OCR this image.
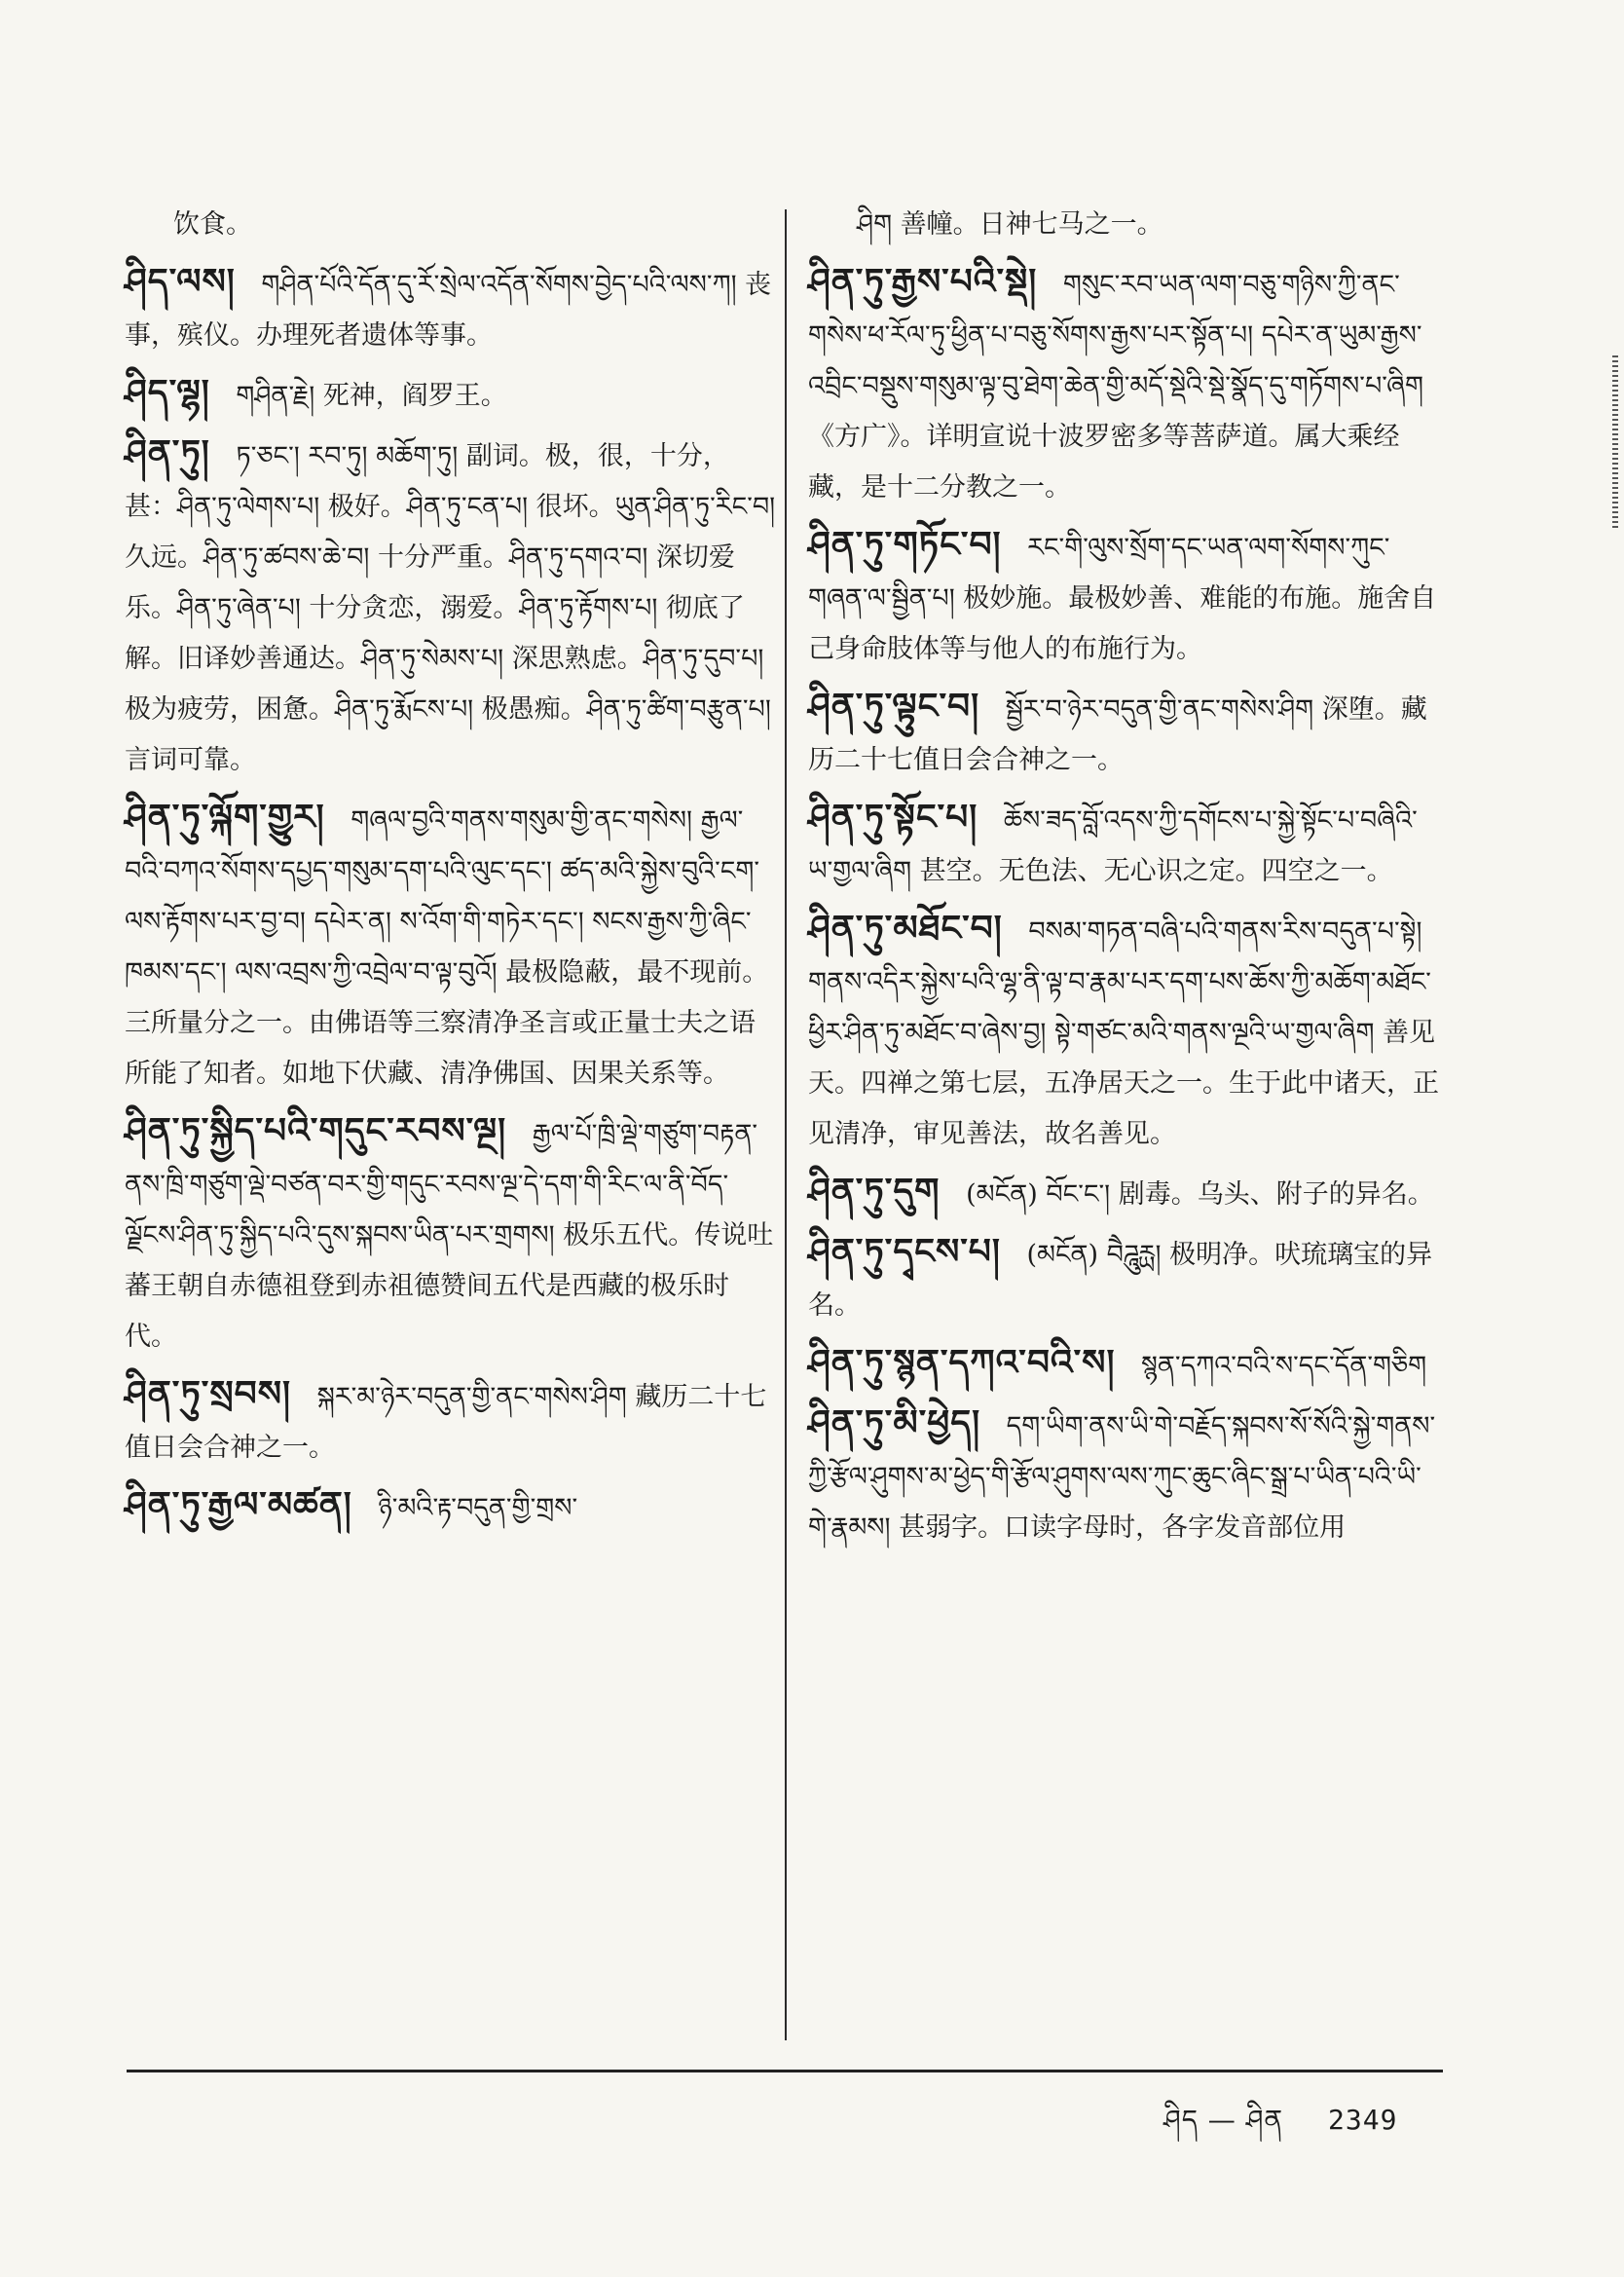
饮食。
ཤིད་ལས། གཤིན་པོའི་དོན་དུ་རོ་སྲེལ་འདོན་སོགས་བྱེད་པའི་ལས་ཀ། 丧事，殡仪。办理死者遗体等事。
ཤིད་ལྷ། གཤིན་རྗེ། 死神，阎罗王。
ཤིན་ཏུ། ཏ་ཅང་། རབ་ཏུ། མཆོག་ཏུ། 副词。极，很，十分，甚：ཤིན་ཏུ་ལེགས་པ། 极好。ཤིན་ཏུ་ངན་པ། 很坏。ཡུན་ཤིན་ཏུ་རིང་བ། 久远。ཤིན་ཏུ་ཚབས་ཆེ་བ། 十分严重。ཤིན་ཏུ་དགའ་བ། 深切爱乐。ཤིན་ཏུ་ཞེན་པ། 十分贪恋，溺爱。ཤིན་ཏུ་རྟོགས་པ། 彻底了解。旧译妙善通达。ཤིན་ཏུ་སེམས་པ། 深思熟虑。ཤིན་ཏུ་དུབ་པ། 极为疲劳，困惫。ཤིན་ཏུ་རྨོངས་པ། 极愚痴。ཤིན་ཏུ་ཚིག་བརྩུན་པ། 言词可靠。
ཤིན་ཏུ་ལྐོག་གྱུར། གཞལ་བྱའི་གནས་གསུམ་གྱི་ནང་གསེས། རྒྱལ་བའི་བཀའ་སོགས་དཔྱད་གསུམ་དག་པའི་ལུང་དང་། ཚད་མའི་སྐྱེས་བུའི་ངག་ལས་རྟོགས་པར་བྱ་བ། དཔེར་ན། ས་འོག་གི་གཏེར་དང་། སངས་རྒྱས་ཀྱི་ཞིང་ཁམས་དང་། ལས་འབྲས་ཀྱི་འབྲེལ་བ་ལྟ་བུའོ། 最极隐蔽，最不现前。三所量分之一。由佛语等三察清净圣言或正量士夫之语所能了知者。如地下伏藏、清净佛国、因果关系等。
ཤིན་ཏུ་སྐྱིད་པའི་གདུང་རབས་ལྔ། རྒྱལ་པོ་ཁྲི་ལྡེ་གཙུག་བརྟན་ནས་ཁྲི་གཙུག་ལྡེ་བཙན་བར་གྱི་གདུང་རབས་ལྔ་དེ་དག་གི་རིང་ལ་ནི་བོད་ལྗོངས་ཤིན་ཏུ་སྐྱིད་པའི་དུས་སྐབས་ཡིན་པར་གྲགས། 极乐五代。传说吐蕃王朝自赤德祖登到赤祖德赞间五代是西藏的极乐时代。
ཤིན་ཏུ་སྲབས། སྐར་མ་ཉེར་བདུན་གྱི་ནང་གསེས་ཤིག 藏历二十七值日会合神之一。
ཤིན་ཏུ་རྒྱལ་མཚན། ཉི་མའི་རྟ་བདུན་གྱི་གྲས་
ཤིག 善幢。日神七马之一。
ཤིན་ཏུ་རྒྱས་པའི་སྡེ། གསུང་རབ་ཡན་ལག་བཅུ་གཉིས་ཀྱི་ནང་གསེས་ཕ་རོལ་ཏུ་ཕྱིན་པ་བཅུ་སོགས་རྒྱས་པར་སྟོན་པ། དཔེར་ན་ཡུམ་རྒྱས་འབྲིང་བསྡུས་གསུམ་ལྟ་བུ་ཐེག་ཆེན་གྱི་མདོ་སྡེའི་སྡེ་སྣོད་དུ་གཏོགས་པ་ཞིག 《方广》。详明宣说十波罗密多等菩萨道。属大乘经藏，是十二分教之一。
ཤིན་ཏུ་གཏོང་བ། རང་གི་ལུས་སྲོག་དང་ཡན་ལག་སོགས་ཀུང་གཞན་ལ་སྦྱིན་པ། 极妙施。最极妙善、难能的布施。施舍自己身命肢体等与他人的布施行为。
ཤིན་ཏུ་ལྟུང་བ། སྦྱོར་བ་ཉེར་བདུན་གྱི་ནང་གསེས་ཤིག 深堕。藏历二十七值日会合神之一。
ཤིན་ཏུ་སྟོང་པ། ཆོས་ཟད་བློ་འདས་ཀྱི་དགོངས་པ་སྐྱེ་སྟོང་པ་བཞིའི་ཡ་གྱལ་ཞིག 甚空。无色法、无心识之定。四空之一。
ཤིན་ཏུ་མཐོང་བ། བསམ་གཏན་བཞི་པའི་གནས་རིས་བདུན་པ་སྟེ། གནས་འདིར་སྐྱེས་པའི་ལྷ་ནི་ལྟ་བ་རྣམ་པར་དག་པས་ཆོས་ཀྱི་མཆོག་མཐོང་ཕྱིར་ཤིན་ཏུ་མཐོང་བ་ཞེས་བྱ། སྟེ་གཙང་མའི་གནས་ལྔའི་ཡ་གྱལ་ཞིག 善见天。四禅之第七层，五净居天之一。生于此中诸天，正见清净，审见善法，故名善见。
ཤིན་ཏུ་དུག (མངོན) བོང་ང་། 剧毒。乌头、附子的异名。
ཤིན་ཏུ་དྭངས་པ། (མངོན) བཻཌཱུརྻ། 极明净。吠琉璃宝的异名。
ཤིན་ཏུ་སྙན་དཀའ་བའི་ས། སྙན་དཀའ་བའི་ས་དང་དོན་གཅིག
ཤིན་ཏུ་མི་ཕྱེད། དག་ཡིག་ནས་ཡི་གེ་བརྗོད་སྐབས་སོ་སོའི་སྐྱེ་གནས་ཀྱི་རྩོལ་ཤུགས་མ་ཕྱེད་གི་རྩོལ་ཤུགས་ལས་ཀུང་ཆུང་ཞིང་སྒྲ་པ་ཡིན་པའི་ཡི་གེ་རྣམས། 甚弱字。口读字母时，各字发音部位用
ཤིད — ཤིན 2349
